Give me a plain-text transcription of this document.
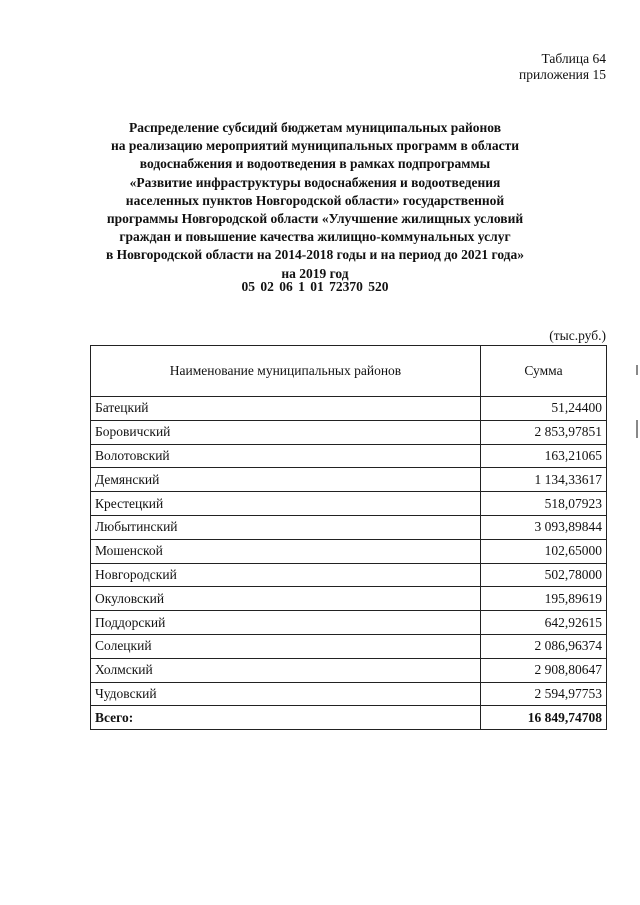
Таблица 64
приложения 15
Распределение субсидий бюджетам муниципальных районов
на реализацию мероприятий муниципальных программ в области
водоснабжения и водоотведения в рамках подпрограммы
«Развитие инфраструктуры водоснабжения и водоотведения
населенных пунктов Новгородской области» государственной
программы Новгородской области «Улучшение жилищных условий
граждан и повышение качества жилищно-коммунальных услуг
в Новгородской области на 2014-2018 годы и на период до 2021 года»
на 2019 год
05 02 06 1 01 72370 520
(тыс.руб.)
Наименование муниципальных районов	Сумма
Батецкий	51,24400
Боровичский	2 853,97851
Волотовский	163,21065
Демянский	1 134,33617
Крестецкий	518,07923
Любытинский	3 093,89844
Мошенской	102,65000
Новгородский	502,78000
Окуловский	195,89619
Поддорский	642,92615
Солецкий	2 086,96374
Холмский	2 908,80647
Чудовский	2 594,97753
Всего:	16 849,74708
